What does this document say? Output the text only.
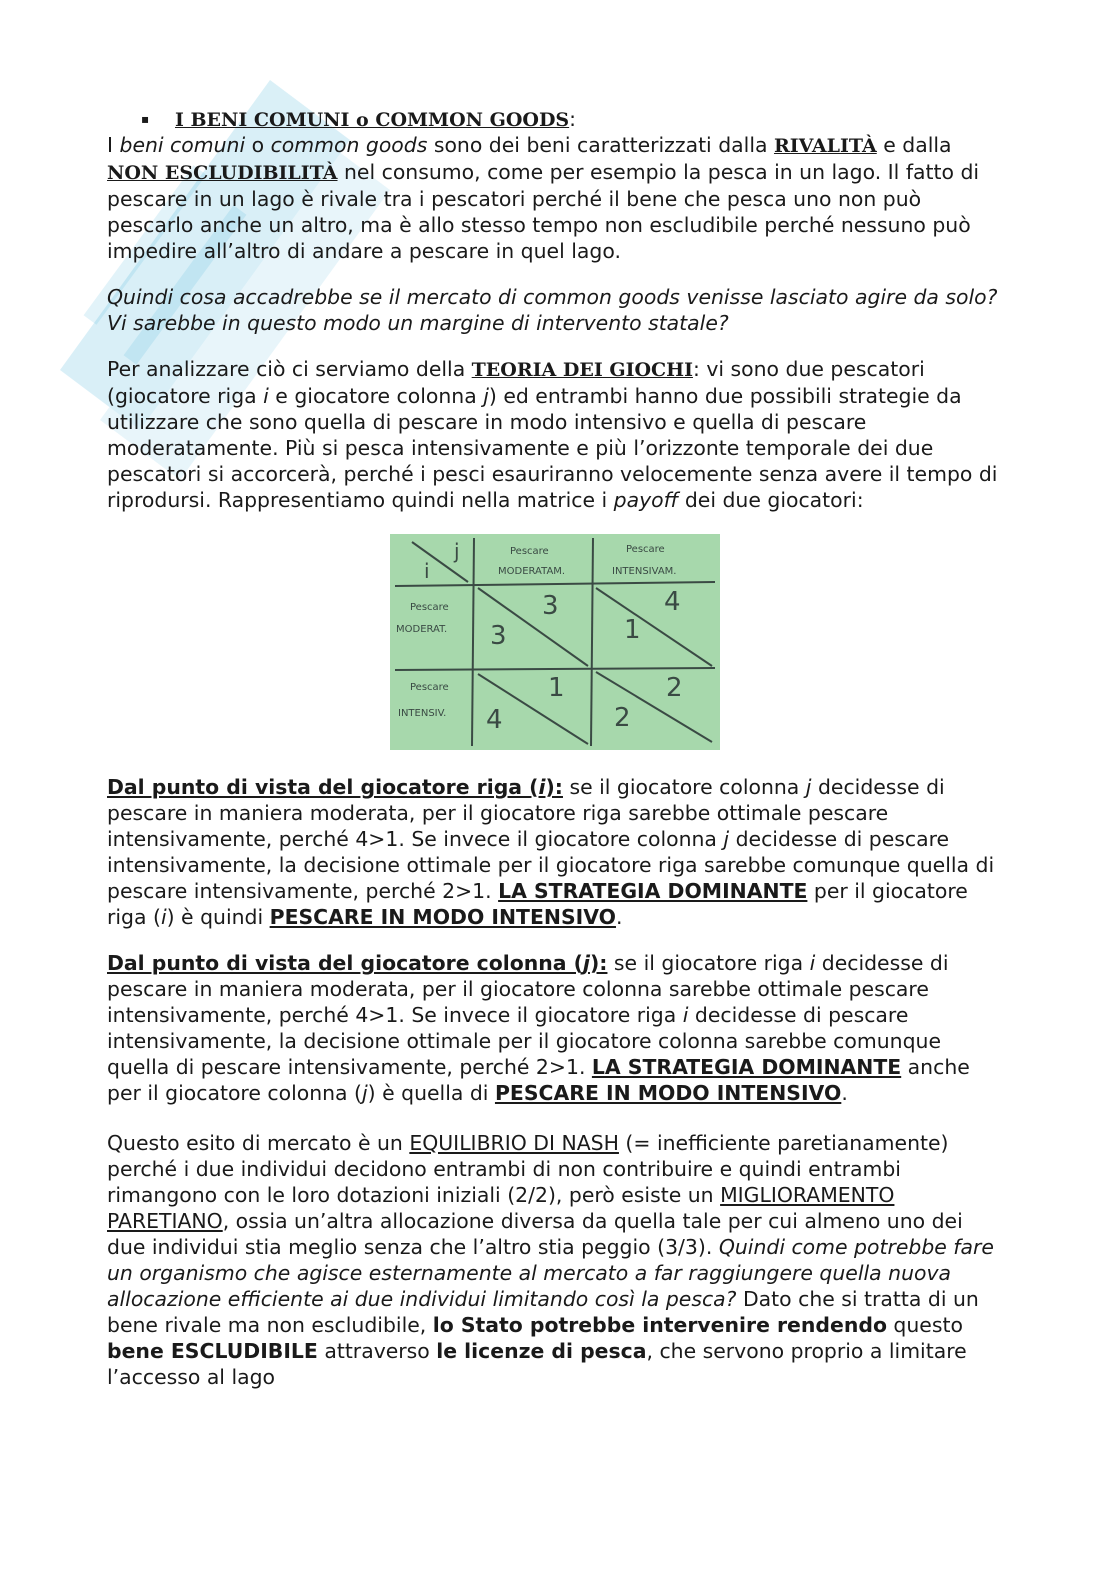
▪ I BENI COMUNI o COMMON GOODS:

I beni comuni o common goods sono dei beni caratterizzati dalla RIVALITÀ e dalla NON ESCLUDIBILITÀ nel consumo, come per esempio la pesca in un lago. Il fatto di pescare in un lago è rivale tra i pescatori perché il bene che pesca uno non può pescarlo anche un altro, ma è allo stesso tempo non escludibile perché nessuno può impedire all’altro di andare a pescare in quel lago.

Quindi cosa accadrebbe se il mercato di common goods venisse lasciato agire da solo? Vi sarebbe in questo modo un margine di intervento statale?

Per analizzare ciò ci serviamo della TEORIA DEI GIOCHI: vi sono due pescatori (giocatore riga i e giocatore colonna j) ed entrambi hanno due possibili strategie da utilizzare che sono quella di pescare in modo intensivo e quella di pescare moderatamente. Più si pesca intensivamente e più l’orizzonte temporale dei due pescatori si accorcerà, perché i pesci esauriranno velocemente senza avere il tempo di riprodursi. Rappresentiamo quindi nella matrice i payoff dei due giocatori:

i
j	Pescare
MODERATAM.
Pescare
INTENSIVAM.
Pescare
MODERAT.
Pescare
INTENSIV.
3
3
4
1
1
4
2
2

Dal punto di vista del giocatore riga (i): se il giocatore colonna j decidesse di pescare in maniera moderata, per il giocatore riga sarebbe ottimale pescare intensivamente, perché 4>1. Se invece il giocatore colonna j decidesse di pescare intensivamente, la decisione ottimale per il giocatore riga sarebbe comunque quella di pescare intensivamente, perché 2>1. LA STRATEGIA DOMINANTE per il giocatore riga (i) è quindi PESCARE IN MODO INTENSIVO.

Dal punto di vista del giocatore colonna (j): se il giocatore riga i decidesse di pescare in maniera moderata, per il giocatore colonna sarebbe ottimale pescare intensivamente, perché 4>1. Se invece il giocatore riga i decidesse di pescare intensivamente, la decisione ottimale per il giocatore colonna sarebbe comunque quella di pescare intensivamente, perché 2>1. LA STRATEGIA DOMINANTE anche per il giocatore colonna (j) è quella di PESCARE IN MODO INTENSIVO.

Questo esito di mercato è un EQUILIBRIO DI NASH (= inefficiente paretianamente) perché i due individui decidono entrambi di non contribuire e quindi entrambi rimangono con le loro dotazioni iniziali (2/2), però esiste un MIGLIORAMENTO PARETIANO, ossia un’altra allocazione diversa da quella tale per cui almeno uno dei due individui stia meglio senza che l’altro stia peggio (3/3). Quindi come potrebbe fare un organismo che agisce esternamente al mercato a far raggiungere quella nuova allocazione efficiente ai due individui limitando così la pesca? Dato che si tratta di un bene rivale ma non escludibile, lo Stato potrebbe intervenire rendendo questo bene ESCLUDIBILE attraverso le licenze di pesca, che servono proprio a limitare l’accesso al lago
